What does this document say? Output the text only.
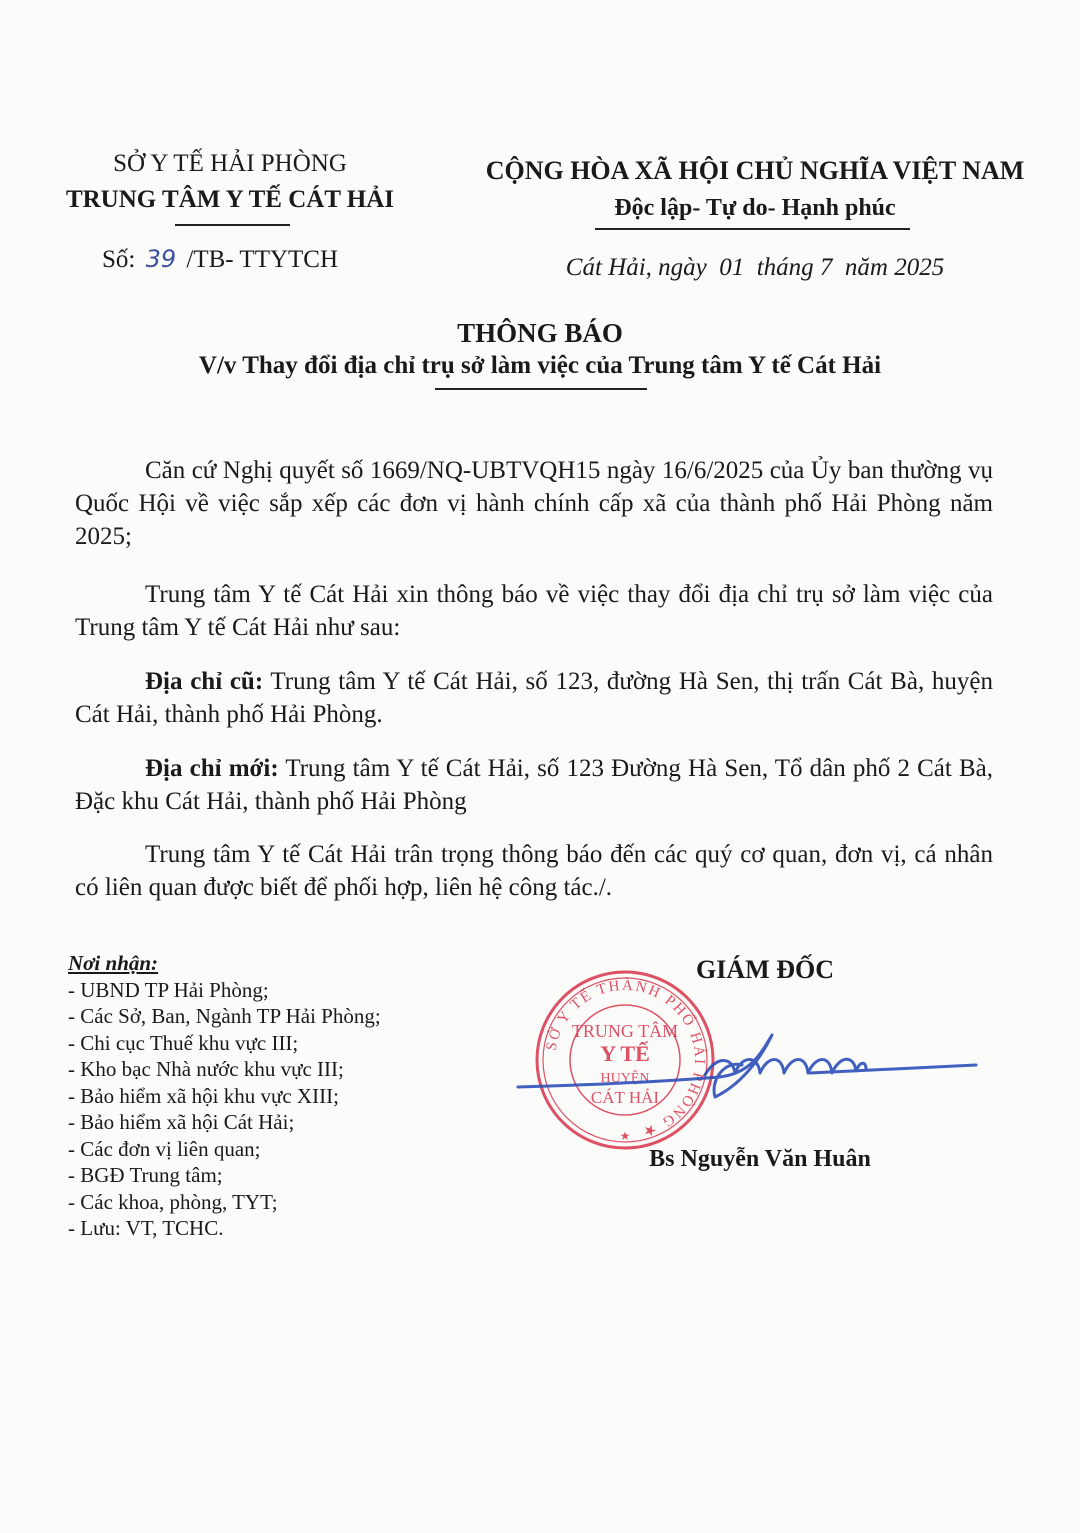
SỞ Y TẾ HẢI PHÒNG
TRUNG TÂM Y TẾ CÁT HẢI
Số: 39 /TB- TTYTCH
CỘNG HÒA XÃ HỘI CHỦ NGHĨA VIỆT NAM
Độc lập- Tự do- Hạnh phúc
Cát Hải, ngày  01  tháng 7  năm 2025
THÔNG BÁO
V/v Thay đổi địa chỉ trụ sở làm việc của Trung tâm Y tế Cát Hải
Căn cứ Nghị quyết số 1669/NQ-UBTVQH15 ngày 16/6/2025 của Ủy ban thường vụ Quốc Hội về việc sắp xếp các đơn vị hành chính cấp xã của thành phố Hải Phòng năm 2025;
Trung tâm Y tế Cát Hải xin thông báo về việc thay đổi địa chỉ trụ sở làm việc của Trung tâm Y tế Cát Hải như sau:
Địa chỉ cũ: Trung tâm Y tế Cát Hải, số 123, đường Hà Sen, thị trấn Cát Bà, huyện Cát Hải, thành phố Hải Phòng.
Địa chỉ mới: Trung tâm Y tế Cát Hải, số 123 Đường Hà Sen, Tổ dân phố 2 Cát Bà, Đặc khu Cát Hải, thành phố Hải Phòng
Trung tâm Y tế Cát Hải trân trọng thông báo đến các quý cơ quan, đơn vị, cá nhân có liên quan được biết để phối hợp, liên hệ công tác./.
Nơi nhận:
- UBND TP Hải Phòng;
- Các Sở, Ban, Ngành TP Hải Phòng;
- Chi cục Thuế khu vực III;
- Kho bạc Nhà nước khu vực III;
- Bảo hiểm xã hội khu vực XIII;
- Bảo hiểm xã hội Cát Hải;
- Các đơn vị liên quan;
- BGĐ Trung tâm;
- Các khoa, phòng, TYT;
- Lưu: VT, TCHC.
GIÁM ĐỐC
SỞ Y TẾ THÀNH PHỐ HẢI PHÒNG ★
TRUNG TÂM
Y TẾ
HUYỆN
CÁT HẢI
★
Bs Nguyễn Văn Huân
